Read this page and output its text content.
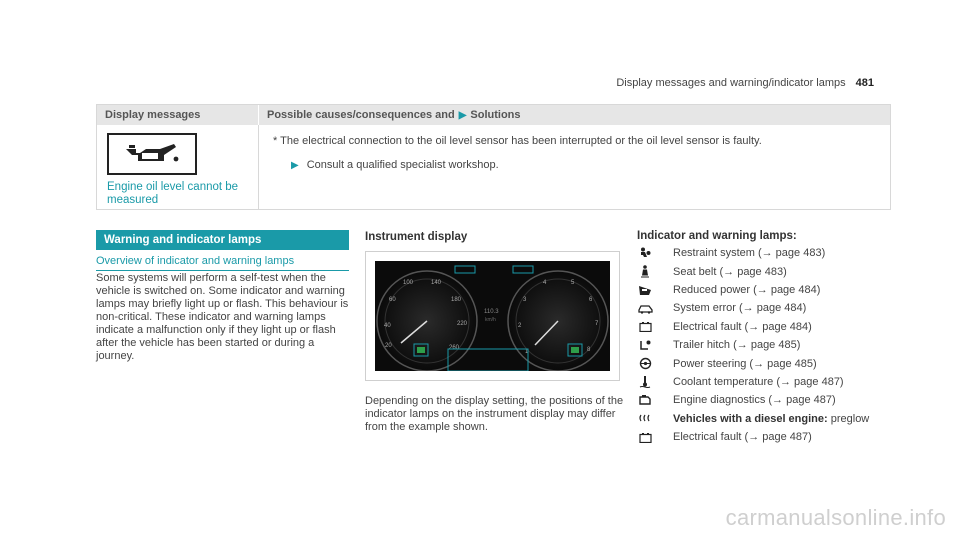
Display messages and warning/indicator lamps 481
Display messages	Possible causes/consequences and ▶ Solutions
Engine oil level cannot be measured
* The electrical connection to the oil level sensor has been interrupted or the oil level sensor is faulty.
▶ Consult a qualified specialist workshop.
Warning and indicator lamps
Overview of indicator and warning lamps
Some systems will perform a self-test when the vehicle is switched on. Some indicator and warning lamps may briefly light up or flash. This behaviour is non-critical. These indicator and warning lamps indicate a malfunction only if they light up or flash after the vehicle has been started or during a journey.
Instrument display
20
40
60
100	140
180
220
260
1
2
3
4	5
6
7
8
110.3
km/h
Depending on the display setting, the positions of the indicator lamps on the instrument display may differ from the example shown.
Indicator and warning lamps:
Restraint system (→ page 483)
Seat belt (→ page 483)
Reduced power (→ page 484)
System error (→ page 484)
Electrical fault (→ page 484)
Trailer hitch (→ page 485)
Power steering (→ page 485)
Coolant temperature (→ page 487)
Engine diagnostics (→ page 487)
Vehicles with a diesel engine:
preglow
Electrical fault (→ page 487)
carmanualsonline.info
